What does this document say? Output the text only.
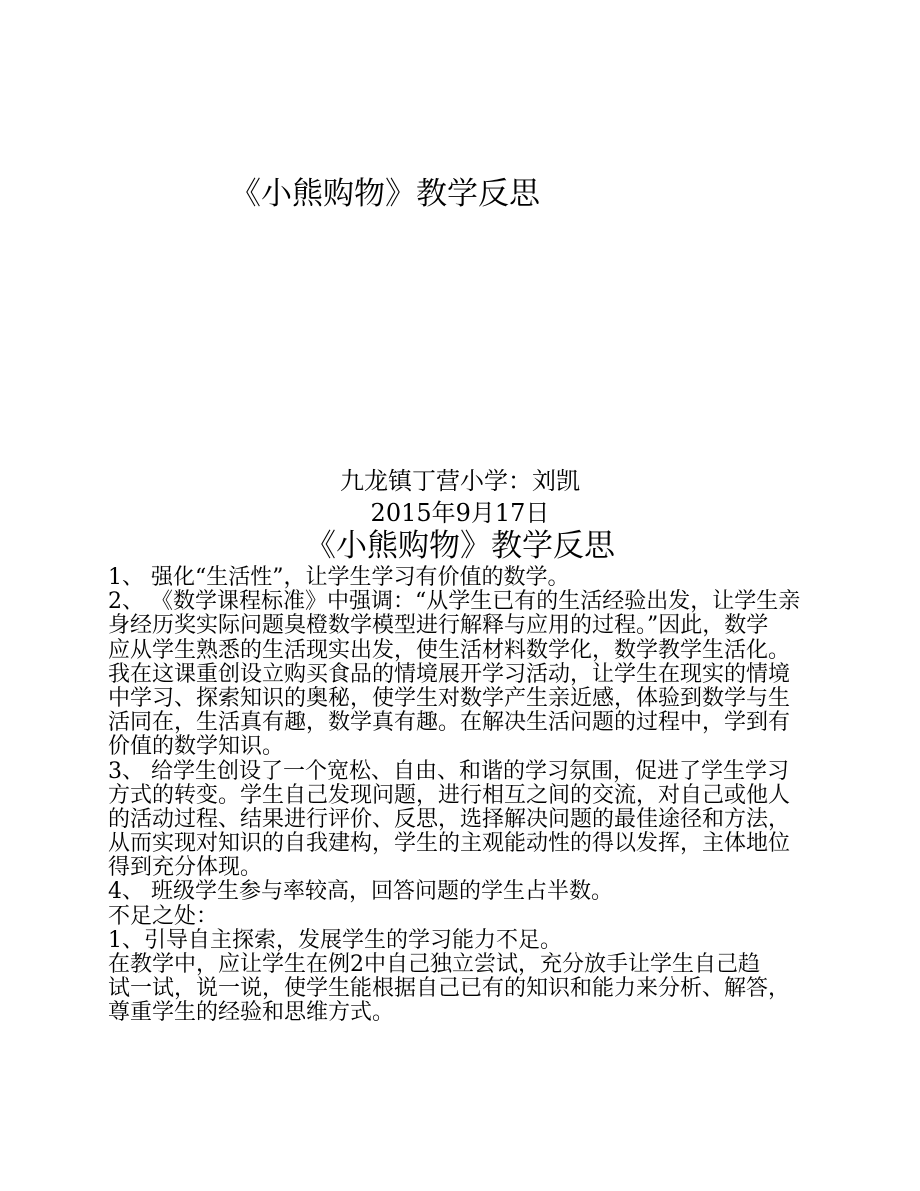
《小熊购物》教学反思
九龙镇丁营小学：刘凯
2015年9月17日
《小熊购物》教学反思
1、 强化“生活性”，让学生学习有价值的数学。
2、 《数学课程标准》中强调：“从学生已有的生活经验出发，让学生亲
身经历奖实际问题臭橙数学模型进行解释与应用的过程。”因此，数学
应从学生熟悉的生活现实出发，使生活材料数学化，数学教学生活化。
我在这课重创设立购买食品的情境展开学习活动，让学生在现实的情境
中学习、探索知识的奥秘，使学生对数学产生亲近感，体验到数学与生
活同在，生活真有趣，数学真有趣。在解决生活问题的过程中，学到有
价值的数学知识。
3、 给学生创设了一个宽松、自由、和谐的学习氛围，促进了学生学习
方式的转变。学生自己发现问题，进行相互之间的交流，对自己或他人
的活动过程、结果进行评价、反思，选择解决问题的最佳途径和方法，
从而实现对知识的自我建构，学生的主观能动性的得以发挥，主体地位
得到充分体现。
4、 班级学生参与率较高，回答问题的学生占半数。
不足之处：
1、引导自主探索，发展学生的学习能力不足。
在教学中，应让学生在例2中自己独立尝试，充分放手让学生自己趋
试一试，说一说，使学生能根据自己已有的知识和能力来分析、解答，
尊重学生的经验和思维方式。
